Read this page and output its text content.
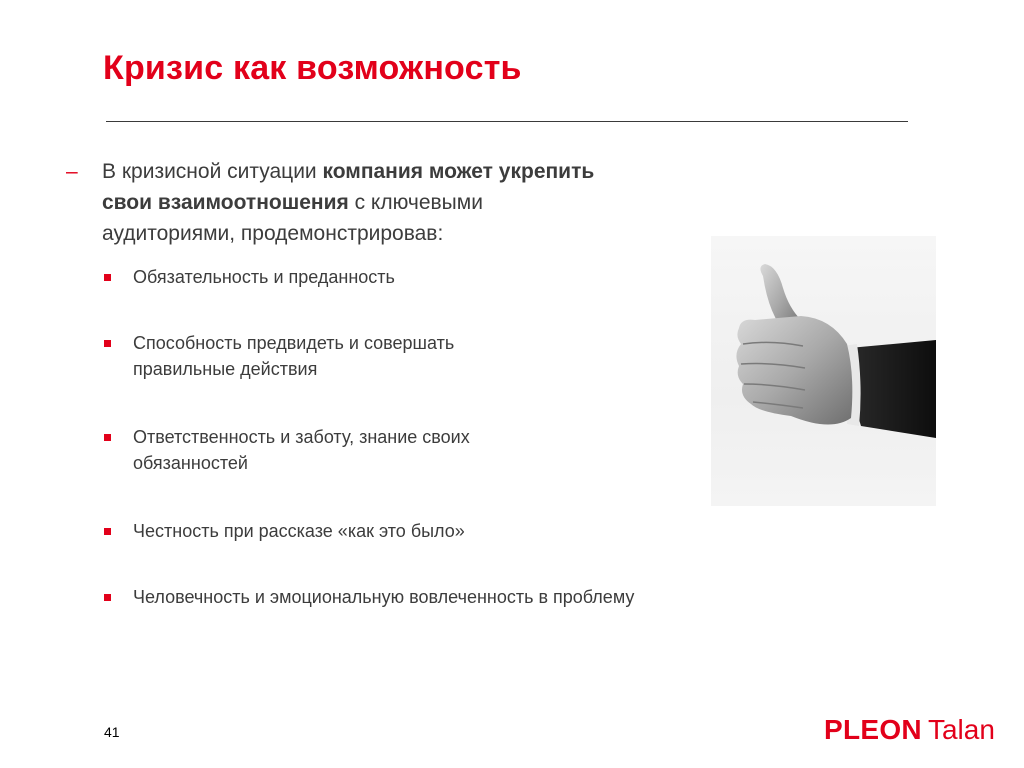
Кризис как возможность
–	В кризисной ситуации компания может укрепить свои взаимоотношения с ключевыми аудиториями, продемонстрировав:
Обязательность и преданность
Способность предвидеть и совершать правильные действия
Ответственность и заботу, знание своих обязанностей
Честность при рассказе «как это было»
Человечность и эмоциональную вовлеченность в проблему
41	PLEON Talan
